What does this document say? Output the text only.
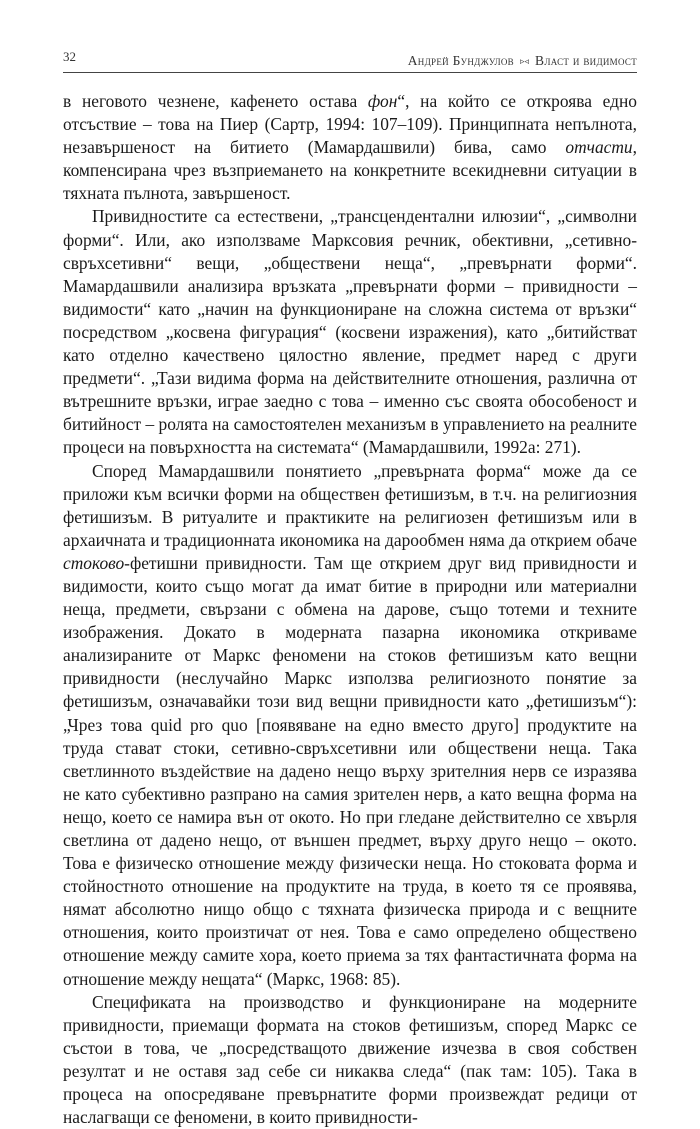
32	Андрей Бунджулов ▹◃ Власт и видимост

в неговото чезнене, кафенето остава фон“, на който се откроява едно отсъствие – това на Пиер (Сартр, 1994: 107–109). Принципната непълнота, незавършеност на битието (Мамардашвили) бива, само отчасти, компенсирана чрез възприемането на конкретните всекидневни ситуации в тяхната пълнота, завършеност.

Привидностите са естествени, „трансцендентални илюзии“, „символни форми“. Или, ако използваме Марксовия речник, обективни, „сетивно-свръхсетивни“ вещи, „обществени неща“, „превърнати форми“. Мамардашвили анализира връзката „превърнати форми – привидности – видимости“ като „начин на функциониране на сложна система от връзки“ посредством „косвена фигурация“ (косвени изражения), като „битийстват като отделно качествено цялостно явление, предмет наред с други предмети“. „Тази видима форма на действителните отношения, различна от вътрешните връзки, играе заедно с това – именно със своята обособеност и битийност – ролята на самостоятелен механизъм в управлението на реалните процеси на повърхността на системата“ (Мамардашвили, 1992а: 271).

Според Мамардашвили понятието „превърната форма“ може да се приложи към всички форми на обществен фетишизъм, в т.ч. на религиозния фетишизъм. В ритуалите и практиките на религиозен фетишизъм или в архаичната и традиционната икономика на дарообмен няма да открием обаче стоково-фетишни привидности. Там ще открием друг вид привидности и видимости, които също могат да имат битие в природни или материални неща, предмети, свързани с обмена на дарове, също тотеми и техните изображения. Докато в модерната пазарна икономика откриваме анализираните от Маркс феномени на стоков фетишизъм като вещни привидности (неслучайно Маркс използва религиозното понятие за фетишизъм, означавайки този вид вещни привидности като „фетишизъм“): „Чрез това quid pro quo [появяване на едно вместо друго] продуктите на труда стават стоки, сетивно-свръхсетивни или обществени неща. Така светлинното въздействие на дадено нещо върху зрителния нерв се изразява не като субективно разпрано на самия зрителен нерв, а като вещна форма на нещо, което се намира вън от окото. Но при гледане действително се хвърля светлина от дадено нещо, от външен предмет, върху друго нещо – окото. Това е физическо отношение между физически неща. Но стоковата форма и стойностното отношение на продуктите на труда, в което тя се проявява, нямат абсолютно нищо общо с тяхната физическа природа и с вещните отношения, които произтичат от нея. Това е само определено обществено отношение между самите хора, което приема за тях фантастичната форма на отношение между нещата“ (Маркс, 1968: 85).

Спецификата на производство и функциониране на модерните привидности, приемащи формата на стоков фетишизъм, според Маркс се състои в това, че „посредстващото движение изчезва в своя собствен резултат и не оставя зад себе си никаква следа“ (пак там: 105). Така в процеса на опосредяване превърнатите форми произвеждат редици от наслагващи се феномени, в които привидности-
